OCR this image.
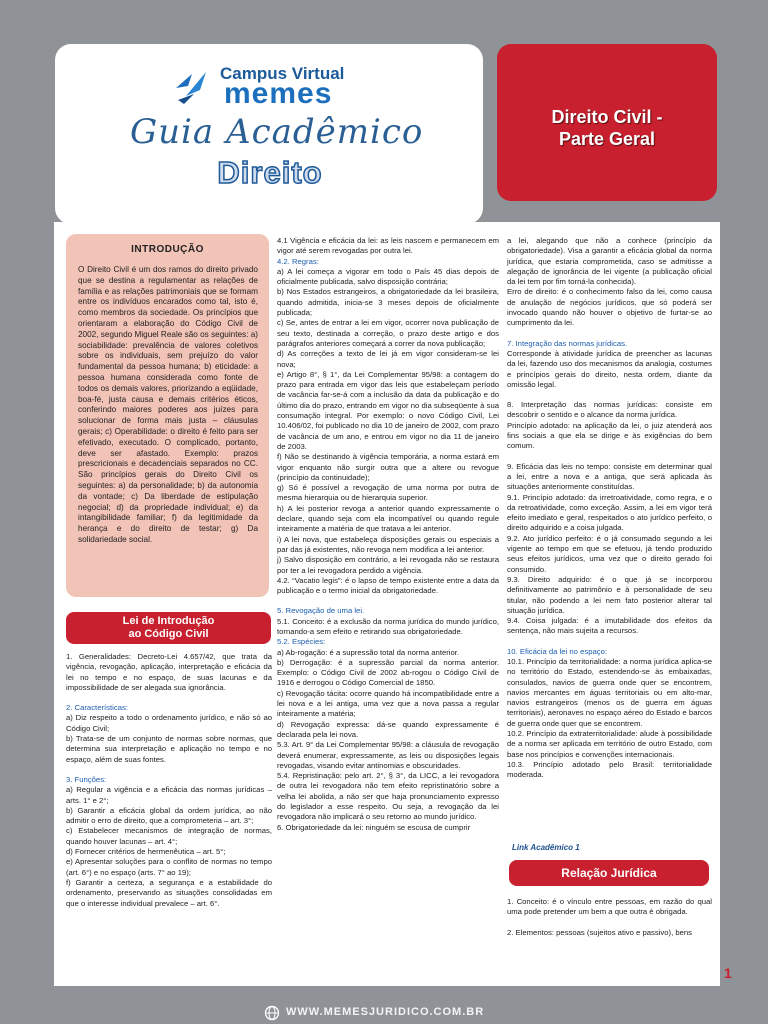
Campus Virtual
memes
Guia Acadêmico
Direito
Direito Civil -
Parte Geral
INTRODUÇÃO
O Direito Civil é um dos ramos do direito privado que se destina a regulamentar as relações de família e as relações patrimoniais que se formam entre os indivíduos encarados como tal, isto é, como membros da sociedade. Os princípios que orientaram a elaboração do Código Civil de 2002, segundo Miguel Reale são os seguintes: a) sociabilidade: prevalência de valores coletivos sobre os individuais, sem prejuízo do valor fundamental da pessoa humana; b) eticidade: a pessoa humana considerada como fonte de todos os demais valores, priorizando a eqüidade, boa-fé, justa causa e demais critérios éticos, conferindo maiores poderes aos juízes para solucionar de forma mais justa – cláusulas gerais; c) Operabilidade: o direito é feito para ser efetivado, executado. O complicado, portanto, deve ser afastado. Exemplo: prazos prescricionais e decadenciais separados no CC. São princípios gerais do Direito Civil os seguintes: a) da personalidade; b) da autonomia da vontade; c) Da liberdade de estipulação negocial; d) da propriedade individual; e) da intangibilidade familiar; f) da legitimidade da herança e do direito de testar; g) Da solidariedade social.
Lei de Introdução
ao Código Civil

1. Generalidades: Decreto-Lei 4.657/42, que trata da vigência, revogação, aplicação, interpretação e eficácia da lei no tempo e no espaço, de suas lacunas e da impossibilidade de ser alegada sua ignorância.

2. Características:

a) Diz respeito a todo o ordenamento jurídico, e não só ao Código Civil;

b) Trata-se de um conjunto de normas sobre normas, que determina sua interpretação e aplicação no tempo e no espaço, além de suas fontes.

3. Funções:

a) Regular a vigência e a eficácia das normas jurídicas – arts. 1° e 2°;

b) Garantir a eficácia global da ordem jurídica, ao não admitir o erro de direito, que a comprometeria – art. 3°;

c) Estabelecer mecanismos de integração de normas, quando houver lacunas – art. 4°;

d) Fornecer critérios de hermenêutica – art. 5°;

e) Apresentar soluções para o conflito de normas no tempo (art. 6°) e no espaço (arts. 7° ao 19);

f) Garantir a certeza, a segurança e a estabilidade do ordenamento, preservando as situações consolidadas em que o interesse individual prevalece – art. 6°.

4.1 Vigência e eficácia da lei: as leis nascem e permanecem em vigor até serem revogadas por outra lei.

4.2. Regras:

a) A lei começa a vigorar em todo o País 45 dias depois de oficialmente publicada, salvo disposição contrária;

b) Nos Estados estrangeiros, a obrigatoriedade da lei brasileira, quando admitida, inicia-se 3 meses depois de oficialmente publicada;

c) Se, antes de entrar a lei em vigor, ocorrer nova publicação de seu texto, destinada a correção, o prazo deste artigo e dos parágrafos anteriores começará a correr da nova publicação;

d) As correções a texto de lei já em vigor consideram-se lei nova;

e) Artigo 8°, § 1°, da Lei Complementar 95/98: a contagem do prazo para entrada em vigor das leis que estabeleçam período de vacância far-se-á com a inclusão da data da publicação e do último dia do prazo, entrando em vigor no dia subseqüente à sua consumação integral. Por exemplo: o novo Código Civil, Lei 10.406/02, foi publicado no dia 10 de janeiro de 2002, com prazo de vacância de um ano, e entrou em vigor no dia 11 de janeiro de 2003.

f) Não se destinando à vigência temporária, a norma estará em vigor enquanto não surgir outra que a altere ou revogue (princípio da continuidade);

g) Só é possível a revogação de uma norma por outra de mesma hierarquia ou de hierarquia superior.

h) A lei posterior revoga a anterior quando expressamente o declare, quando seja com ela incompatível ou quando regule inteiramente a matéria de que tratava a lei anterior.

i) A lei nova, que estabeleça disposições gerais ou especiais a par das já existentes, não revoga nem modifica a lei anterior.

j) Salvo disposição em contrário, a lei revogada não se restaura por ter a lei revogadora perdido a vigência.

4.2. “Vacatio legis”: é o lapso de tempo existente entre a data da publicação e o termo inicial da obrigatoriedade.

5. Revogação de uma lei.

5.1. Conceito: é a exclusão da norma jurídica do mundo jurídico, tornando-a sem efeito e retirando sua obrigatoriedade.

5.2. Espécies:

a) Ab-rogação: é a supressão total da norma anterior.

b) Derrogação: é a supressão parcial da norma anterior. Exemplo: o Código Civil de 2002 ab-rogou o Código Civil de 1916 e derrogou o Código Comercial de 1850.

c) Revogação tácita: ocorre quando há incompatibilidade entre a lei nova e a lei antiga, uma vez que a nova passa a regular inteiramente a matéria;

d) Revogação expressa: dá-se quando expressamente é declarada pela lei nova.

5.3. Art. 9° da Lei Complementar 95/98: a cláusula de revogação deverá enumerar, expressamente, as leis ou disposições legais revogadas, visando evitar antinomias e obscuridades.

5.4. Repristinação: pelo art. 2°, § 3°, da LICC, a lei revogadora de outra lei revogadora não tem efeito repristinatório sobre a velha lei abolida, a não ser que haja pronunciamento expresso do legislador a esse respeito. Ou seja, a revogação da lei revogadora não implicará o seu retorno ao mundo jurídico.

6. Obrigatoriedade da lei: ninguém se escusa de cumprir

a lei, alegando que não a conhece (princípio da obrigatoriedade). Visa a garantir a eficácia global da norma jurídica, que estaria comprometida, caso se admitisse a alegação de ignorância de lei vigente (a publicação oficial da lei tem por fim torná-la conhecida).

Erro de direito: é o conhecimento falso da lei, como causa de anulação de negócios jurídicos, que só poderá ser invocado quando não houver o objetivo de furtar-se ao cumprimento da lei.

7. Integração das normas jurídicas.

Corresponde à atividade jurídica de preencher as lacunas da lei, fazendo uso dos mecanismos da analogia, costumes e princípios gerais do direito, nesta ordem, diante da omissão legal.

8. Interpretação das normas jurídicas: consiste em descobrir o sentido e o alcance da norma jurídica.

Princípio adotado: na aplicação da lei, o juiz atenderá aos fins sociais a que ela se dirige e às exigências do bem comum.

9. Eficácia das leis no tempo: consiste em determinar qual a lei, entre a nova e a antiga, que será aplicada às situações anteriormente constituídas.

9.1. Princípio adotado: da irretroatividade, como regra, e o da retroatividade, como exceção. Assim, a lei em vigor terá efeito imediato e geral, respeitados o ato jurídico perfeito, o direito adquirido e a coisa julgada.

9.2. Ato jurídico perfeito: é o já consumado segundo a lei vigente ao tempo em que se efetuou, já tendo produzido seus efeitos jurídicos, uma vez que o direito gerado foi consumido.

9.3. Direito adquirido: é o que já se incorporou definitivamente ao patrimônio e à personalidade de seu titular, não podendo a lei nem fato posterior alterar tal situação jurídica.

9.4. Coisa julgada: é a imutabilidade dos efeitos da sentença, não mais sujeita a recursos.

10. Eficácia da lei no espaço:

10.1. Princípio da territorialidade: a norma jurídica aplica-se no território do Estado, estendendo-se às embaixadas, consulados, navios de guerra onde quer se encontrem, navios mercantes em águas territoriais ou em alto-mar, navios estrangeiros (menos os de guerra em águas territoriais), aeronaves no espaço aéreo do Estado e barcos de guerra onde quer que se encontrem.

10.2. Princípio da extraterritorialidade: alude à possibilidade de a norma ser aplicada em território de outro Estado, com base nos princípios e convenções internacionais.

10.3. Princípio adotado pelo Brasil: territorialidade moderada.

Link Acadêmico 1
Relação Jurídica

1. Conceito: é o vínculo entre pessoas, em razão do qual uma pode pretender um bem a que outra é obrigada.

2. Elementos: pessoas (sujeitos ativo e passivo), bens

1
WWW.MEMESJURIDICO.COM.BR
